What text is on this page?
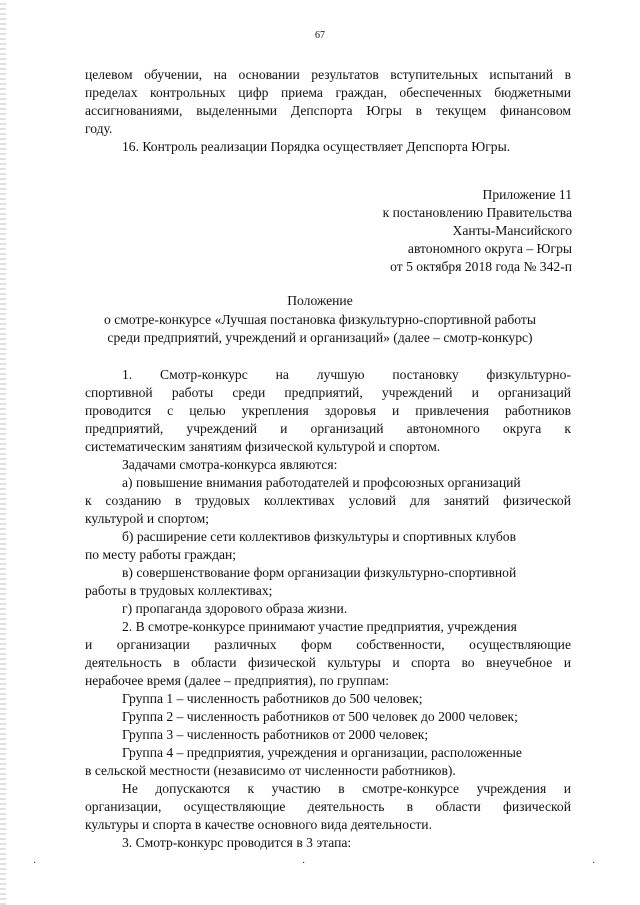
67
целевом обучении, на основании результатов вступительных испытаний в
пределах контрольных цифр приема граждан, обеспеченных бюджетными
ассигнованиями, выделенными Депспорта Югры в текущем финансовом
году.
16. Контроль реализации Порядка осуществляет Депспорта Югры.
Приложение 11
к постановлению Правительства
Ханты-Мансийского
автономного округа – Югры
от 5 октября 2018 года № 342-п
Положение
о смотре-конкурсе «Лучшая постановка физкультурно-спортивной работы
среди предприятий, учреждений и организаций» (далее – смотр-конкурс)
1. Смотр-конкурс на лучшую постановку физкультурно-
спортивной работы среди предприятий, учреждений и организаций
проводится с целью укрепления здоровья и привлечения работников
предприятий, учреждений и организаций автономного округа к
систематическим занятиям физической культурой и спортом.
Задачами смотра-конкурса являются:
а) повышение внимания работодателей и профсоюзных организаций
к созданию в трудовых коллективах условий для занятий физической
культурой и спортом;
б) расширение сети коллективов физкультуры и спортивных клубов
по месту работы граждан;
в) совершенствование форм организации физкультурно-спортивной
работы в трудовых коллективах;
г) пропаганда здорового образа жизни.
2. В смотре-конкурсе принимают участие предприятия, учреждения
и организации различных форм собственности, осуществляющие
деятельность в области физической культуры и спорта во внеучебное и
нерабочее время (далее – предприятия), по группам:
Группа 1 – численность работников до 500 человек;
Группа 2 – численность работников от 500 человек до 2000 человек;
Группа 3 – численность работников от 2000 человек;
Группа 4 – предприятия, учреждения и организации, расположенные
в сельской местности (независимо от численности работников).
Не допускаются к участию в смотре-конкурсе учреждения и
организации, осуществляющие деятельность в области физической
культуры и спорта в качестве основного вида деятельности.
3. Смотр-конкурс проводится в 3 этапа:
·	·	·
